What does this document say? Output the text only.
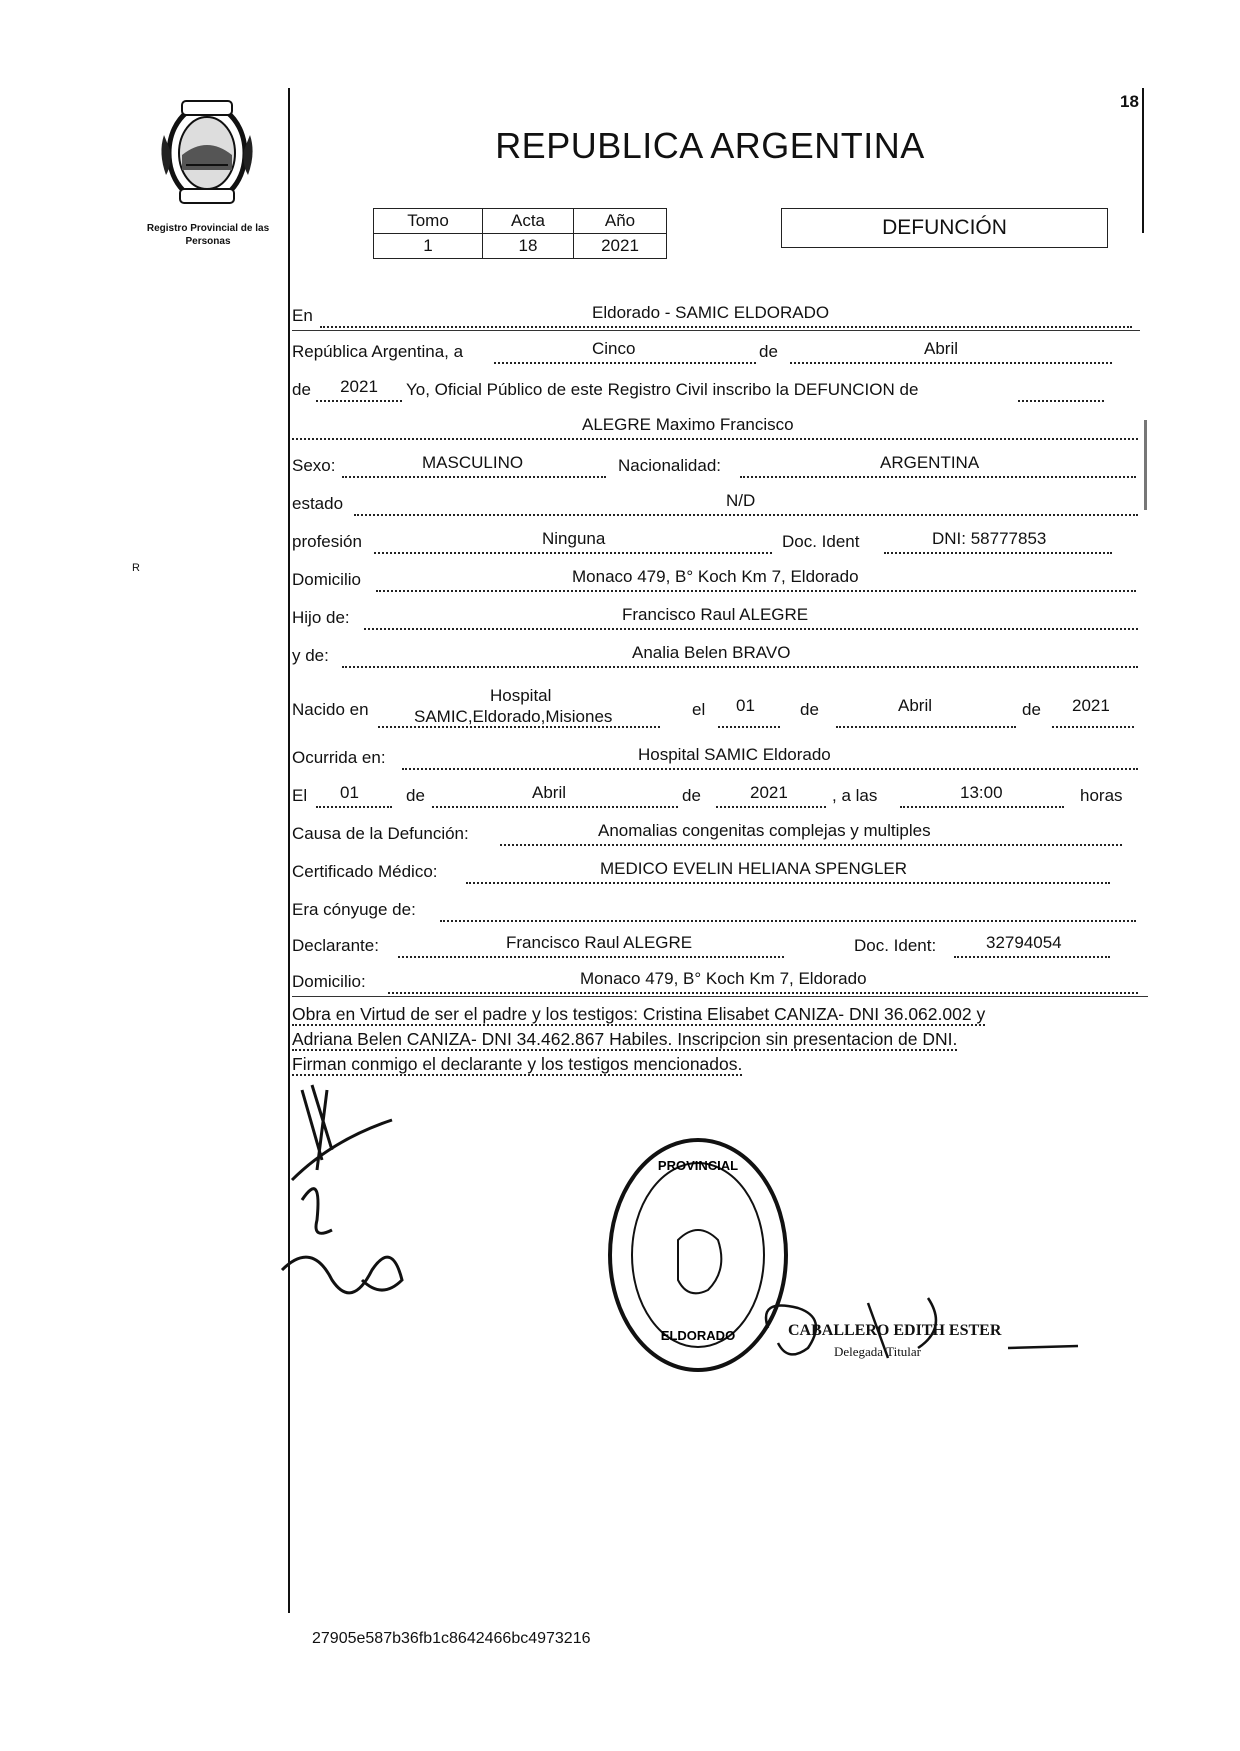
18
Registro Provincial de las Personas
R
REPUBLICA ARGENTINA
Tomo	Acta	Año
1	18	2021
DEFUNCIÓN
En	Eldorado - SAMIC ELDORADO
República Argentina, a	Cinco	de	Abril
de	2021	Yo, Oficial Público de este Registro Civil inscribo la DEFUNCION de
ALEGRE Maximo Francisco
Sexo:	MASCULINO	Nacionalidad:	ARGENTINA
estado	N/D
profesión	Ninguna	Doc. Ident	DNI: 58777853
Domicilio	Monaco 479, B° Koch Km 7, Eldorado
Hijo de:	Francisco Raul ALEGRE
y de:	Analia Belen BRAVO
Nacido en
Hospital
SAMIC,Eldorado,Misiones	el 01	de	Abril	de 2021
Ocurrida en:	Hospital SAMIC Eldorado
El 01	de	Abril	de	2021	, a las	13:00	horas
Causa de la Defunción:	Anomalias congenitas complejas y multiples
Certificado Médico:	MEDICO EVELIN HELIANA SPENGLER
Era cónyuge de:
Declarante:	Francisco Raul ALEGRE	Doc. Ident:	32794054
Domicilio:	Monaco 479, B° Koch Km 7, Eldorado
Obra en Virtud de ser el padre y los testigos: Cristina Elisabet CANIZA- DNI 36.062.002 y
Adriana Belen CANIZA- DNI 34.462.867 Habiles. Inscripcion sin presentacion de DNI.
Firman conmigo el declarante y los testigos mencionados.
PROVINCIAL
ELDORADO	CABALLERO EDITH ESTER
Delegada Titular
27905e587b36fb1c8642466bc4973216
